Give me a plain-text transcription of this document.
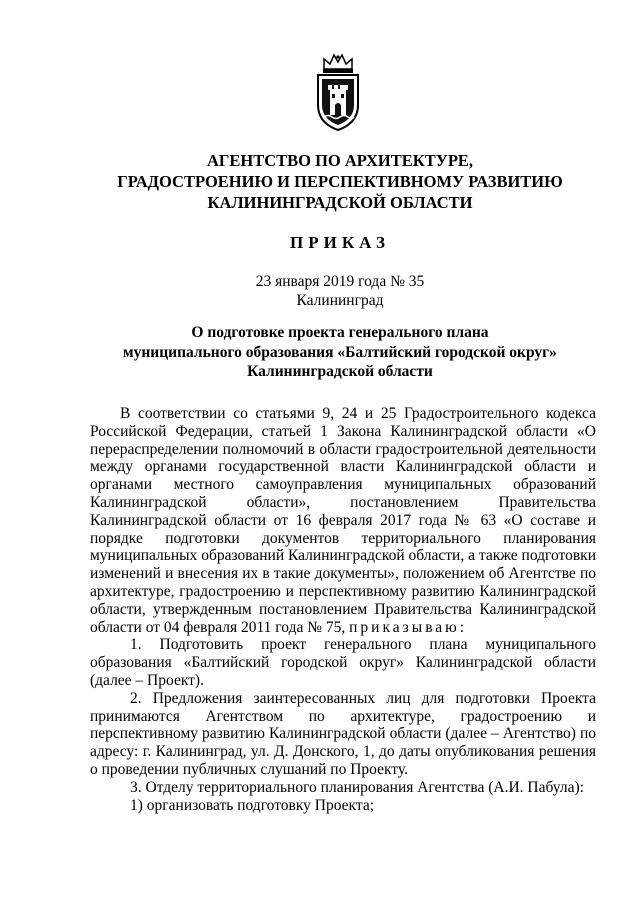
АГЕНТСТВО ПО АРХИТЕКТУРЕ,
ГРАДОСТРОЕНИЮ И ПЕРСПЕКТИВНОМУ РАЗВИТИЮ
КАЛИНИНГРАДСКОЙ ОБЛАСТИ
ПРИКАЗ
23 января 2019 года № 35
Калининград
О подготовке проекта генерального плана
муниципального образования «Балтийский городской округ»
Калининградской области

В соответствии со статьями 9, 24 и 25 Градостроительного кодекса Российской Федерации, статьей 1 Закона Калининградской области «О перераспределении полномочий в области градостроительной деятельности между органами государственной власти Калининградской области и органами местного самоуправления муниципальных образований Калининградской области», постановлением Правительства Калининградской области от 16 февраля 2017 года № 63 «О составе и порядке подготовки документов территориального планирования муниципальных образований Калининградской области, а также подготовки изменений и внесения их в такие документы», положением об Агентстве по архитектуре, градостроению и перспективному развитию Калининградской области, утвержденным постановлением Правительства Калининградской области от 04 февраля 2011 года № 75, приказываю:

1. Подготовить проект генерального плана муниципального образования «Балтийский городской округ» Калининградской области (далее – Проект).

2. Предложения заинтересованных лиц для подготовки Проекта принимаются Агентством по архитектуре, градостроению и перспективному развитию Калининградской области (далее – Агентство) по адресу: г. Калининград, ул. Д. Донского, 1, до даты опубликования решения о проведении публичных слушаний по Проекту.

3. Отделу территориального планирования Агентства (А.И. Пабула):

1) организовать подготовку Проекта;
